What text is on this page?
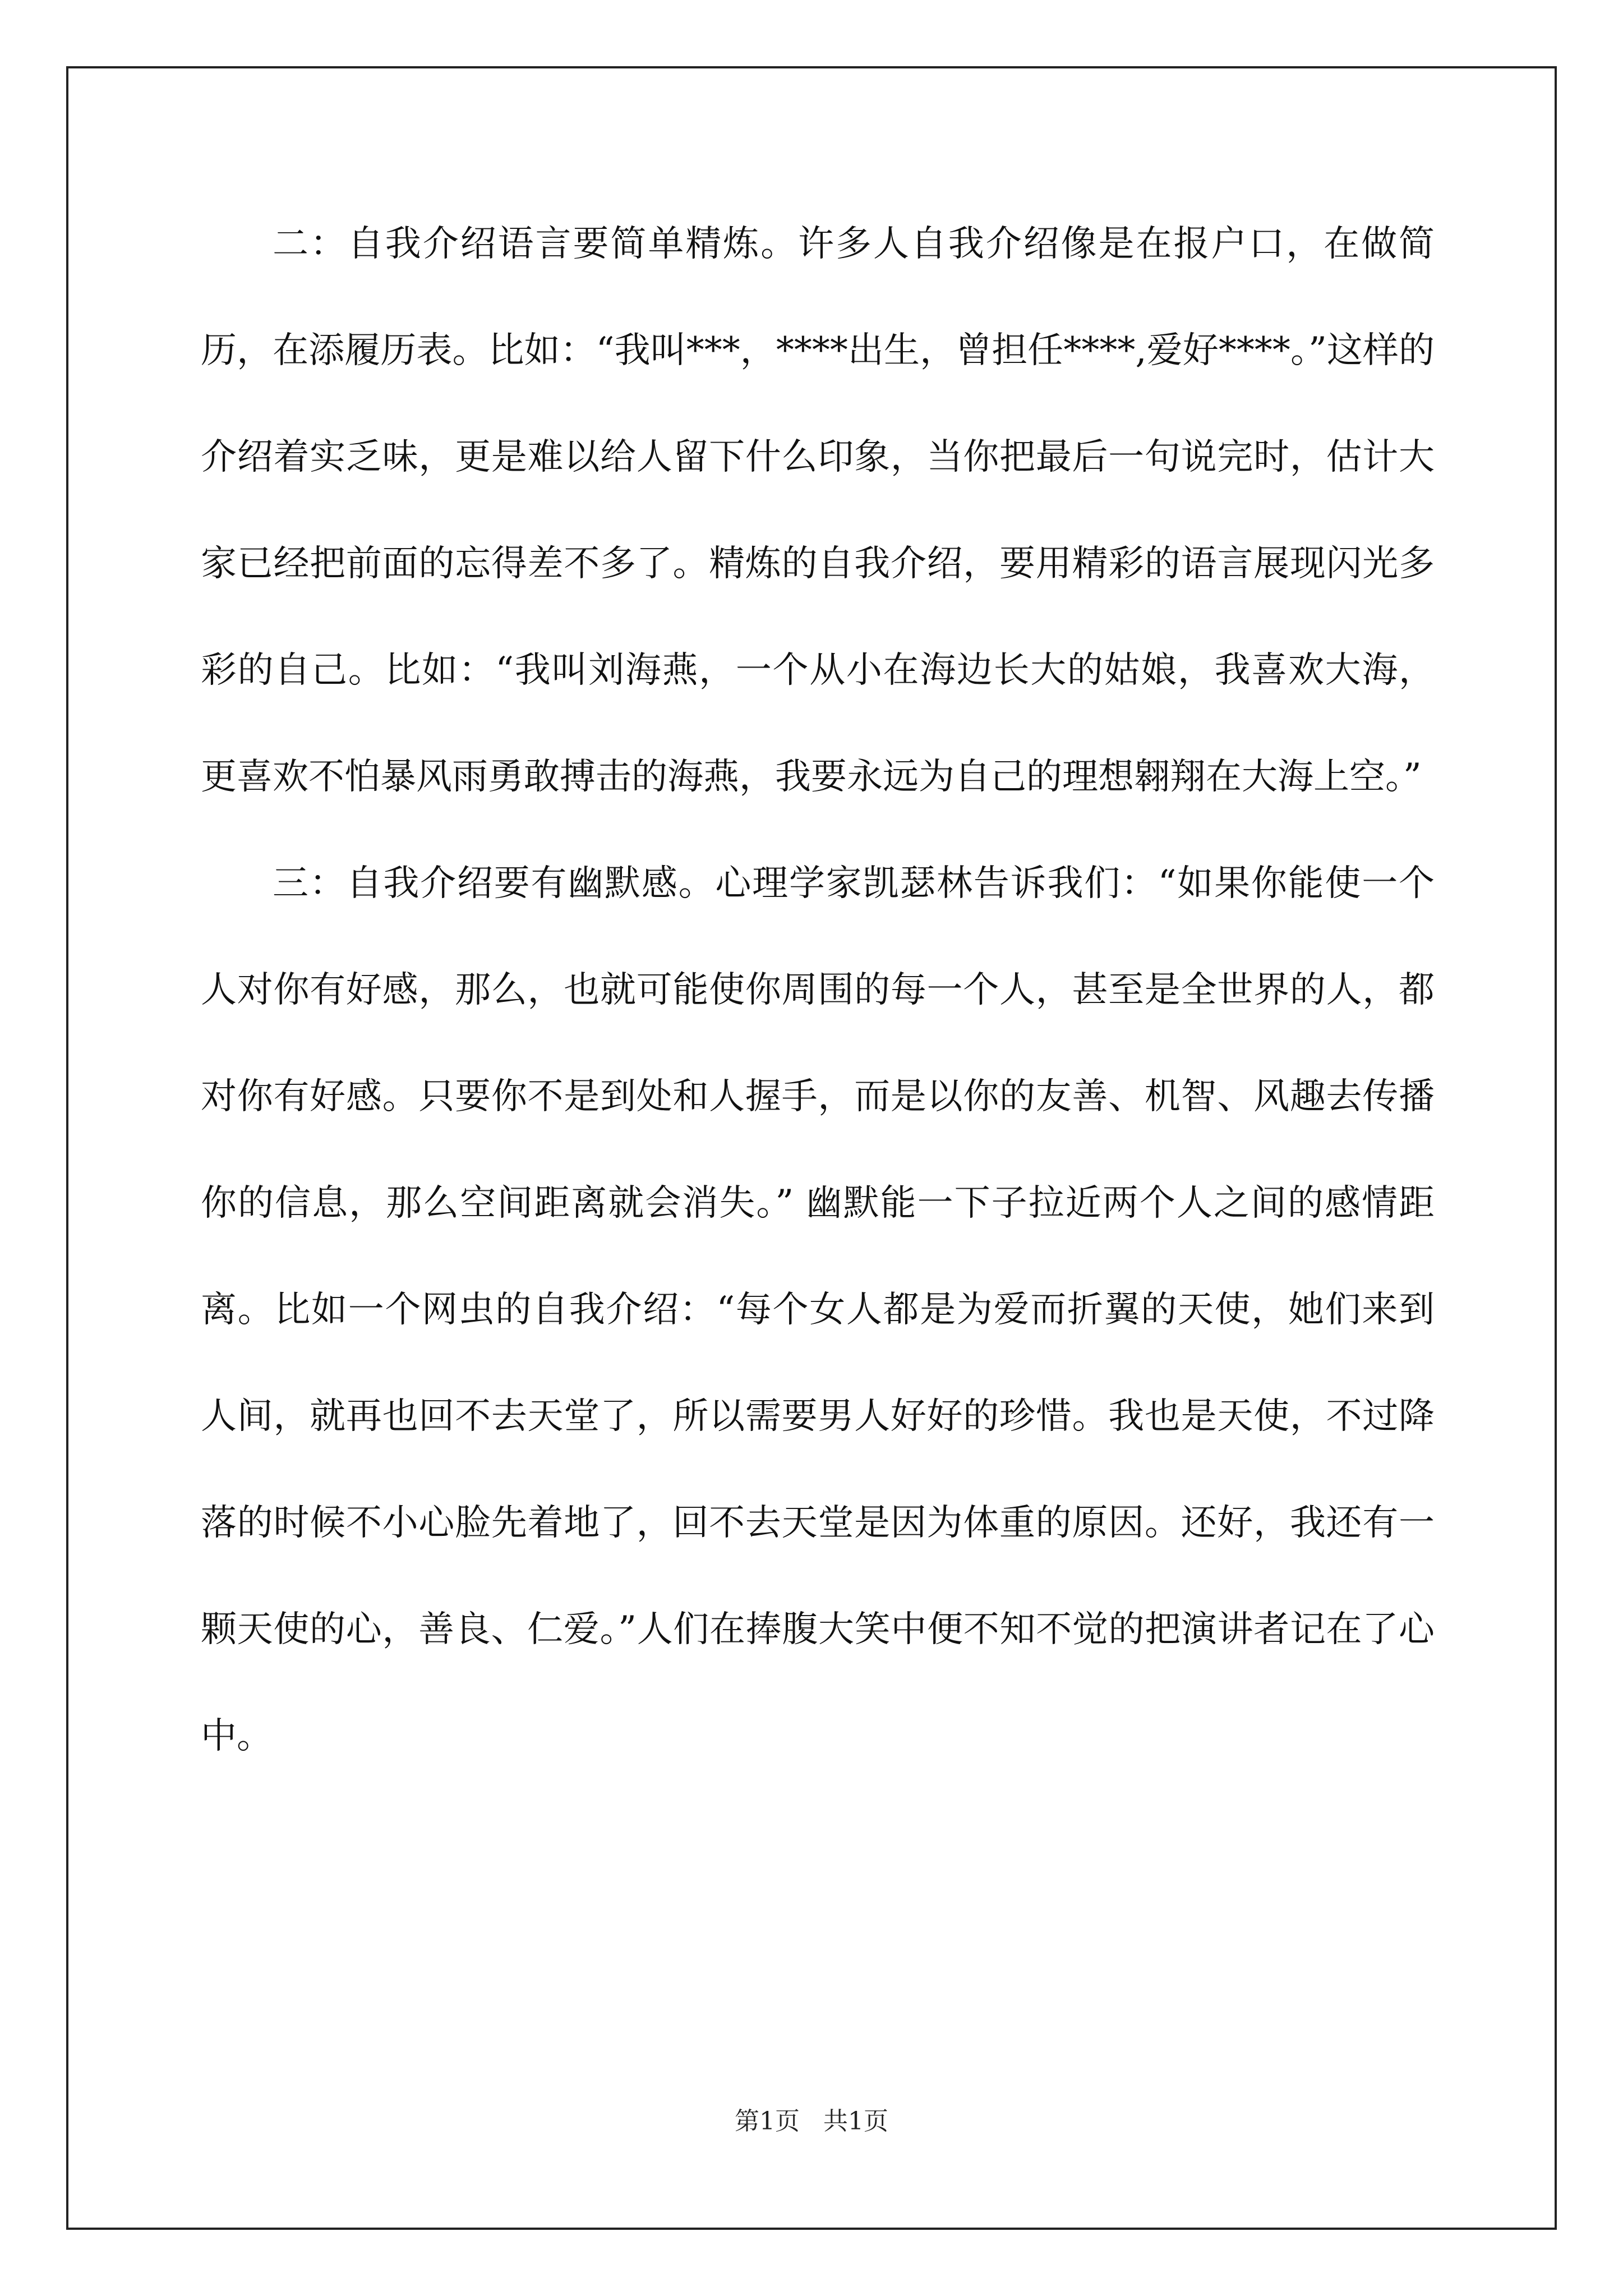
二：自我介绍语言要简单精炼。许多人自我介绍像是在报户口，在做简历，在添履历表。比如：“我叫***，****出生，曾担任****,爱好****。”这样的介绍着实乏味，更是难以给人留下什么印象，当你把最后一句说完时，估计大家已经把前面的忘得差不多了。精炼的自我介绍，要用精彩的语言展现闪光多彩的自己。比如：“我叫刘海燕，一个从小在海边长大的姑娘，我喜欢大海，更喜欢不怕暴风雨勇敢搏击的海燕，我要永远为自己的理想翱翔在大海上空。”

三：自我介绍要有幽默感。心理学家凯瑟林告诉我们：“如果你能使一个人对你有好感，那么，也就可能使你周围的每一个人，甚至是全世界的人，都对你有好感。只要你不是到处和人握手，而是以你的友善、机智、风趣去传播你的信息，那么空间距离就会消失。” 幽默能一下子拉近两个人之间的感情距离。比如一个网虫的自我介绍：“每个女人都是为爱而折翼的天使，她们来到人间，就再也回不去天堂了，所以需要男人好好的珍惜。我也是天使，不过降落的时候不小心脸先着地了，回不去天堂是因为体重的原因。还好，我还有一颗天使的心，善良、仁爱。”人们在捧腹大笑中便不知不觉的把演讲者记在了心中。

第1页 共1页
